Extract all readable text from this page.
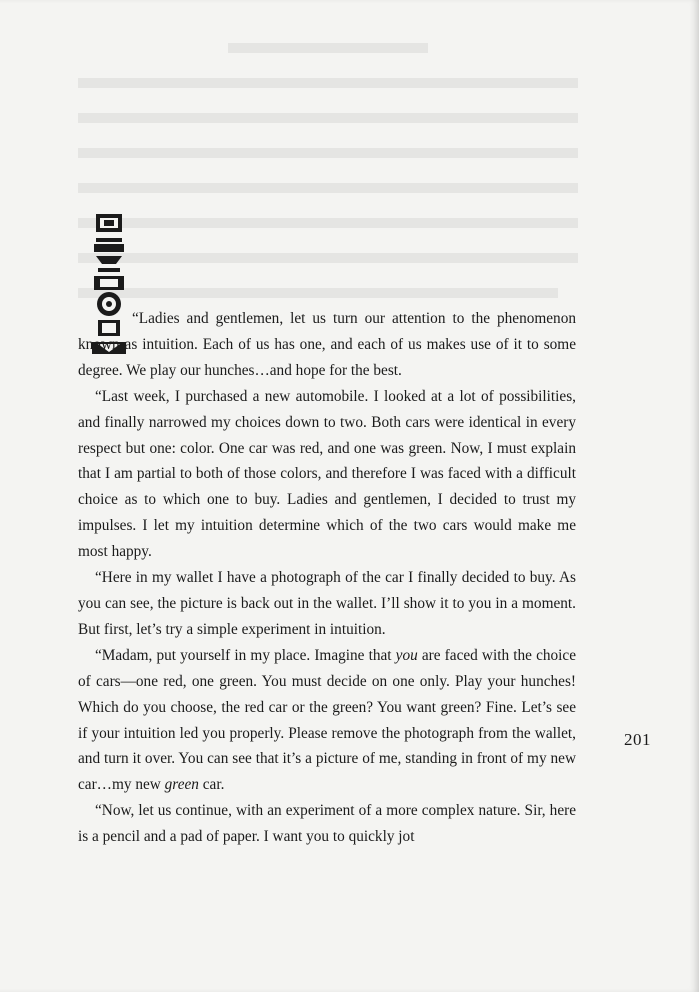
“Ladies and gentlemen, let us turn our attention to the phenomenon known as intuition. Each of us has one, and each of us makes use of it to some degree. We play our hunches…and hope for the best.

“Last week, I purchased a new automobile. I looked at a lot of possibilities, and finally narrowed my choices down to two. Both cars were identical in every respect but one: color. One car was red, and one was green. Now, I must explain that I am partial to both of those colors, and therefore I was faced with a difficult choice as to which one to buy. Ladies and gentlemen, I decided to trust my impulses. I let my intuition determine which of the two cars would make me most happy.

“Here in my wallet I have a photograph of the car I finally decided to buy. As you can see, the picture is back out in the wallet. I’ll show it to you in a moment. But first, let’s try a simple experiment in intuition.

“Madam, put yourself in my place. Imagine that you are faced with the choice of cars—one red, one green. You must decide on one only. Play your hunches! Which do you choose, the red car or the green? You want green? Fine. Let’s see if your intuition led you properly. Please remove the photograph from the wallet, and turn it over. You can see that it’s a picture of me, standing in front of my new car…my new green car.

“Now, let us continue, with an experiment of a more complex nature. Sir, here is a pencil and a pad of paper. I want you to quickly jot

201
